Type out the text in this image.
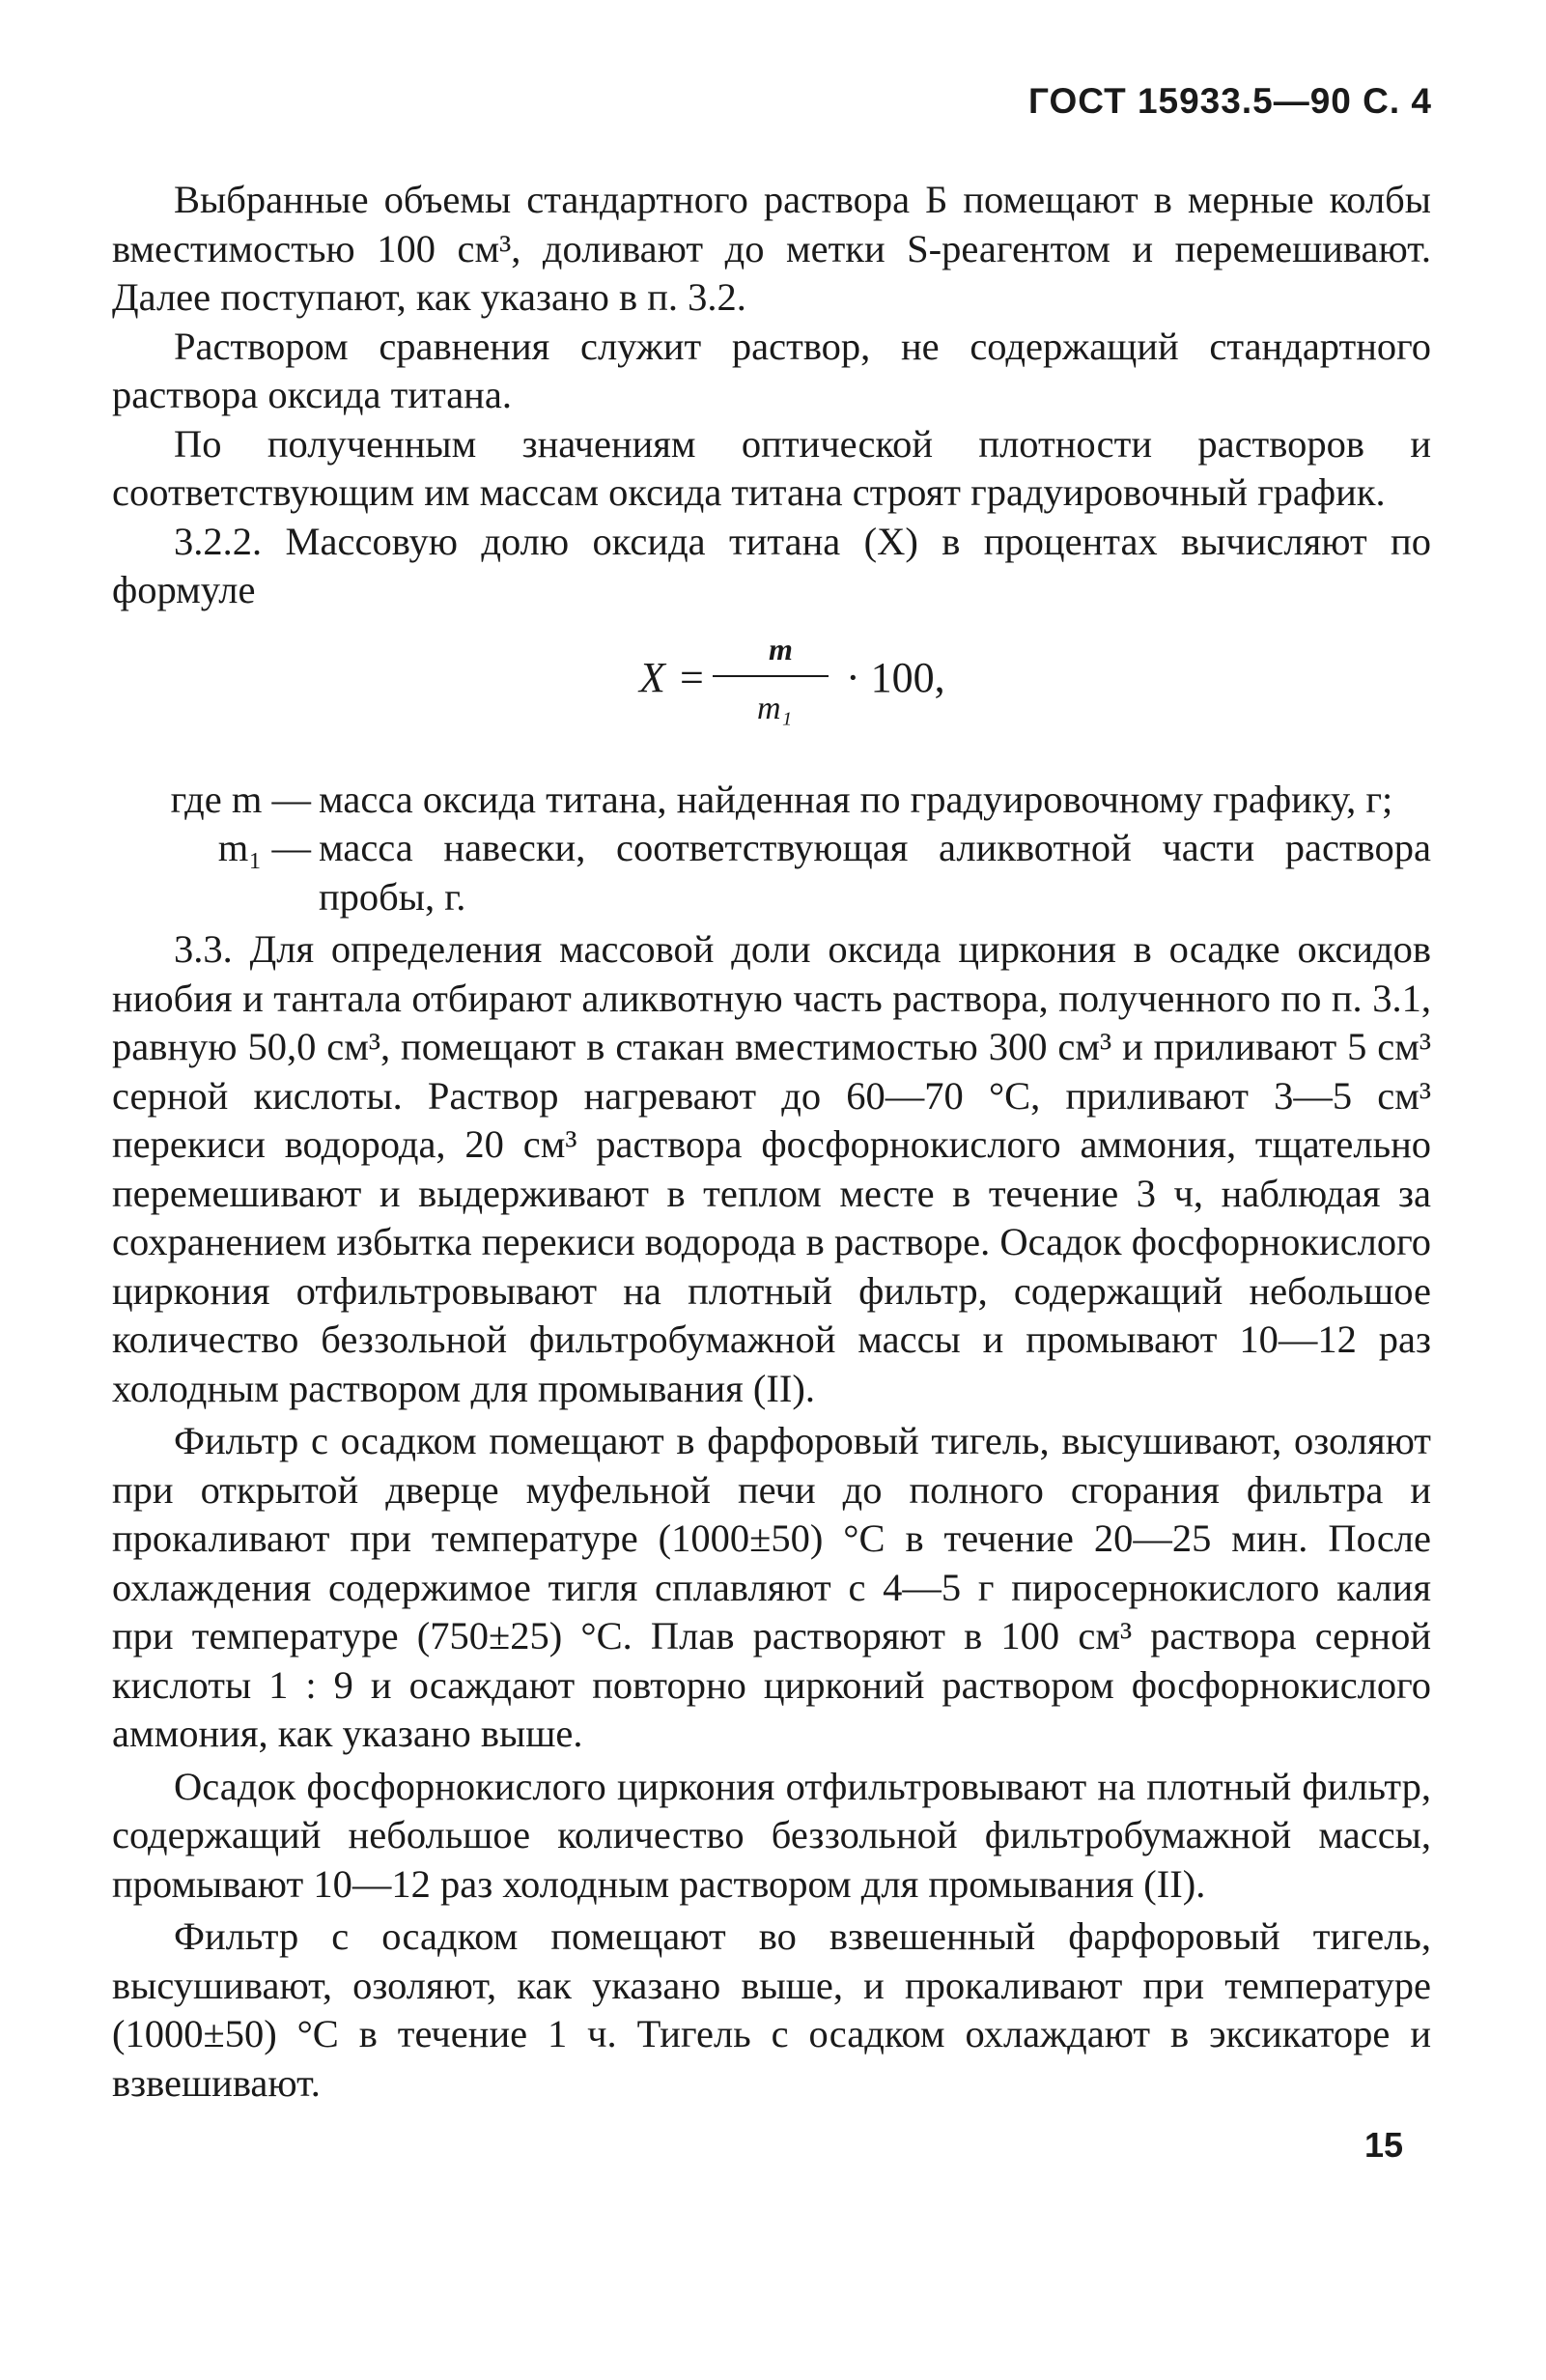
ГОСТ 15933.5—90 С. 4

Выбранные объемы стандартного раствора Б помещают в мерные колбы вместимостью 100 см³, доливают до метки S-реагентом и перемешивают. Далее поступают, как указано в п. 3.2.

Раствором сравнения служит раствор, не содержащий стандартного раствора оксида титана.

По полученным значениям оптической плотности растворов и соответствующим им массам оксида титана строят градуировочный график.

3.2.2. Массовую долю оксида титана (X) в процентах вычисляют по формуле

X =
m
m₁
· 100,
где m — масса оксида титана, найденная по градуировочному графику, г;
m₁ — масса навески, соответствующая аликвотной части раствора пробы, г.

3.3. Для определения массовой доли оксида циркония в осадке оксидов ниобия и тантала отбирают аликвотную часть раствора, полученного по п. 3.1, равную 50,0 см³, помещают в стакан вместимостью 300 см³ и приливают 5 см³ серной кислоты. Раствор нагревают до 60—70 °С, приливают 3—5 см³ перекиси водорода, 20 см³ раствора фосфорнокислого аммония, тщательно перемешивают и выдерживают в теплом месте в течение 3 ч, наблюдая за сохранением избытка перекиси водорода в растворе. Осадок фосфорнокислого циркония отфильтровывают на плотный фильтр, содержащий небольшое количество беззольной фильтробумажной массы и промывают 10—12 раз холодным раствором для промывания (II).

Фильтр с осадком помещают в фарфоровый тигель, высушивают, озоляют при открытой дверце муфельной печи до полного сгорания фильтра и прокаливают при температуре (1000±50) °С в течение 20—25 мин. После охлаждения содержимое тигля сплавляют с 4—5 г пиросернокислого калия при температуре (750±25) °С. Плав растворяют в 100 см³ раствора серной кислоты 1 : 9 и осаждают повторно цирконий раствором фосфорнокислого аммония, как указано выше.

Осадок фосфорнокислого циркония отфильтровывают на плотный фильтр, содержащий небольшое количество беззольной фильтробумажной массы, промывают 10—12 раз холодным раствором для промывания (II).

Фильтр с осадком помещают во взвешенный фарфоровый тигель, высушивают, озоляют, как указано выше, и прокаливают при температуре (1000±50) °С в течение 1 ч. Тигель с осадком охлаждают в эксикаторе и взвешивают.

15
